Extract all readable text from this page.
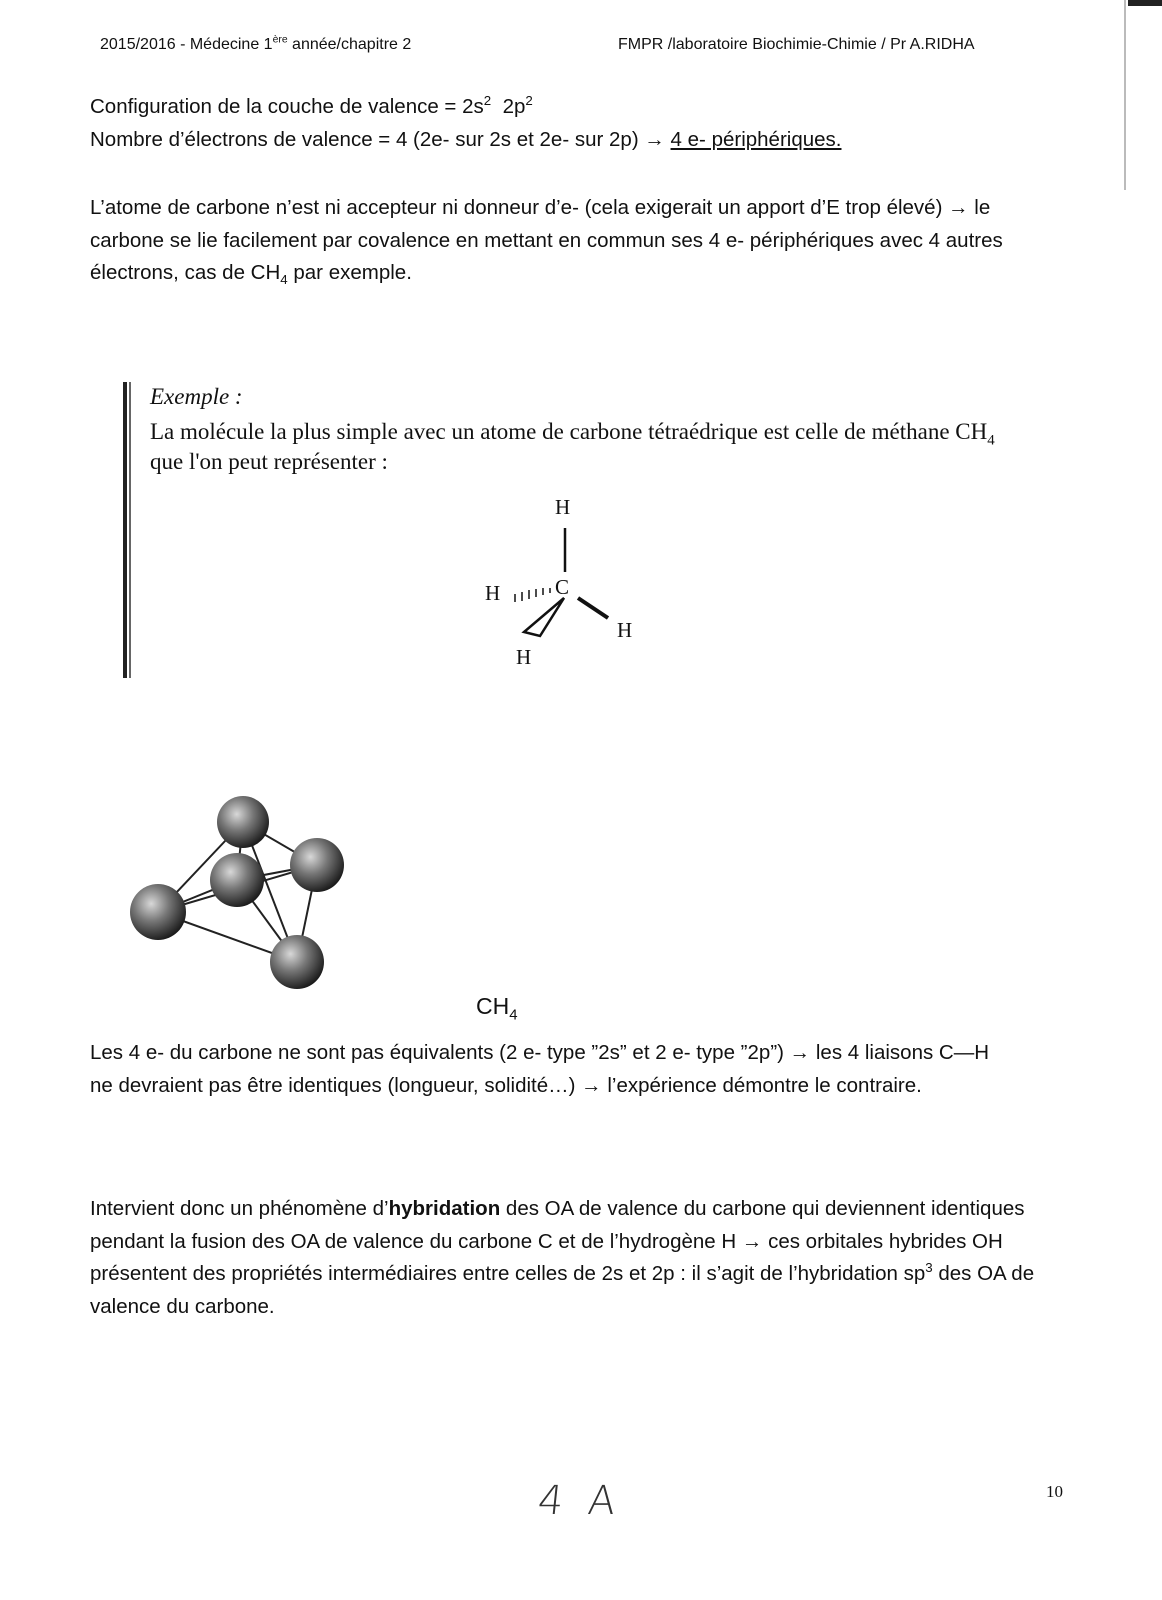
2015/2016 - Médecine 1ère année/chapitre 2	FMPR /laboratoire Biochimie-Chimie / Pr A.RIDHA
Configuration de la couche de valence = $2s^2$  $2p^2$
Nombre d’électrons de valence = 4 (2e- sur 2s et 2e- sur 2p) → 4 e- périphériques.
L’atome de carbone n’est ni accepteur ni donneur d’e- (cela exigerait un apport d’E trop élevé) → le carbone se lie facilement par covalence en mettant en commun ses 4 e- périphériques avec 4 autres électrons, cas de $CH_4$ par exemple.
Exemple :
La molécule la plus simple avec un atome de carbone tétraédrique est celle de méthane $CH_4$ que l'on peut représenter :
H
C
H
H
H
$CH_4$
Les 4 e- du carbone ne sont pas équivalents (2 e- type ”2s” et 2 e- type ”2p”) → les 4 liaisons C—H ne devraient pas être identiques (longueur, solidité…) → l’expérience démontre le contraire.
Intervient donc un phénomène d’hybridation des OA de valence du carbone qui deviennent identiques pendant la fusion des OA de valence du carbone C et de l’hydrogène H → ces orbitales hybrides OH présentent des propriétés intermédiaires entre celles de 2s et 2p : il s’agit de l’hybridation $sp^3$ des OA de valence du carbone.
4 A	10
